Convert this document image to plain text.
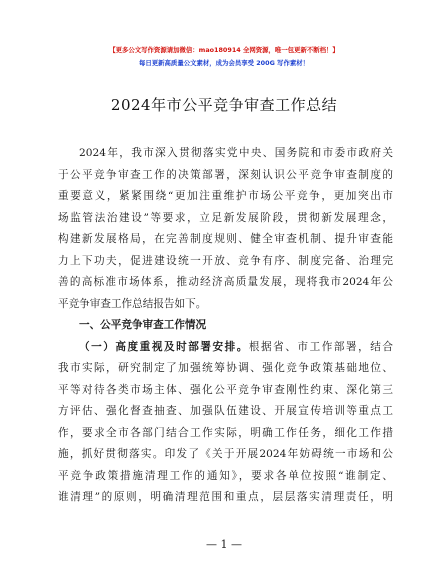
【更多公文写作资源请加微信：mao180914 全网资源，唯一包更新不断档！】
每日更新高质量公文素材，成为会员享受 200G 写作素材！
2024年市公平竞争审查工作总结
2024年，我市深入贯彻落实党中央、国务院和市委市政府关
于公平竞争审查工作的决策部署，深刻认识公平竞争审查制度的
重要意义，紧紧围绕“更加注重维护市场公平竞争，更加突出市
场监管法治建设”等要求，立足新发展阶段，贯彻新发展理念，
构建新发展格局，在完善制度规则、健全审查机制、提升审查能
力上下功夫，促进建设统一开放、竞争有序、制度完备、治理完
善的高标准市场体系，推动经济高质量发展，现将我市2024年公
平竞争审查工作总结报告如下。
一、公平竞争审查工作情况
（一）高度重视及时部署安排。根据省、市工作部署，结合
我市实际，研究制定了加强统筹协调、强化竞争政策基础地位、
平等对待各类市场主体、强化公平竞争审查刚性约束、深化第三
方评估、强化督查抽查、加强队伍建设、开展宣传培训等重点工
作，要求全市各部门结合工作实际，明确工作任务，细化工作措
施，抓好贯彻落实。印发了《关于开展2024年妨碍统一市场和公
平竞争政策措施清理工作的通知》，要求各单位按照“谁制定、
谁清理”的原则，明确清理范围和重点，层层落实清理责任，明
— 1 —
